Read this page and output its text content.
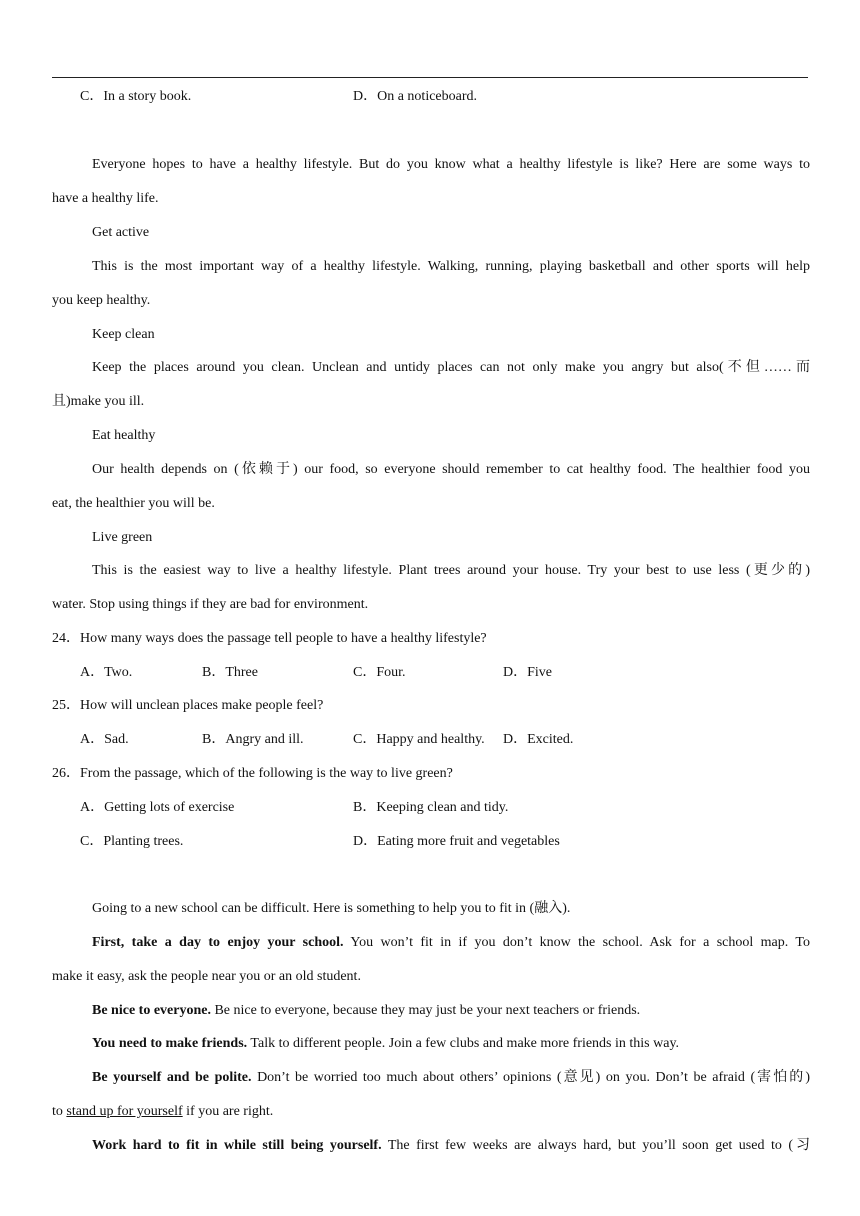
C．In a story book.	D．On a noticeboard.
Everyone hopes to have a healthy lifestyle. But do you know what a healthy lifestyle is like? Here are some ways to
have a healthy life.
Get active
This is the most important way of a healthy lifestyle. Walking, running, playing basketball and other sports will help
you keep healthy.
Keep clean
Keep the places around you clean. Unclean and untidy places can not only make you angry but also(不但……而
且)make you ill.
Eat healthy
Our health depends on (依赖于) our food, so everyone should remember to cat healthy food. The healthier food you
eat, the healthier you will be.
Live green
This is the easiest way to live a healthy lifestyle. Plant trees around your house. Try your best to use less (更少的)
water. Stop using things if they are bad for environment.
24．How many ways does the passage tell people to have a healthy lifestyle?
A．Two.	B．Three	C．Four.	D．Five
25．How will unclean places make people feel?
A．Sad.	B．Angry and ill.	C．Happy and healthy. D．Excited.
26．From the passage, which of the following is the way to live green?
A．Getting lots of exercise	B．Keeping clean and tidy.
C．Planting trees.	D．Eating more fruit and vegetables
Going to a new school can be difficult. Here is something to help you to fit in (融入).
First, take a day to enjoy your school. You won’t fit in if you don’t know the school. Ask for a school map. To
make it easy, ask the people near you or an old student.
Be nice to everyone. Be nice to everyone, because they may just be your next teachers or friends.
You need to make friends. Talk to different people. Join a few clubs and make more friends in this way.
Be yourself and be polite. Don’t be worried too much about others’ opinions (意见) on you. Don’t be afraid (害怕的)
to stand up for yourself if you are right.
Work hard to fit in while still being yourself. The first few weeks are always hard, but you’ll soon get used to (习
